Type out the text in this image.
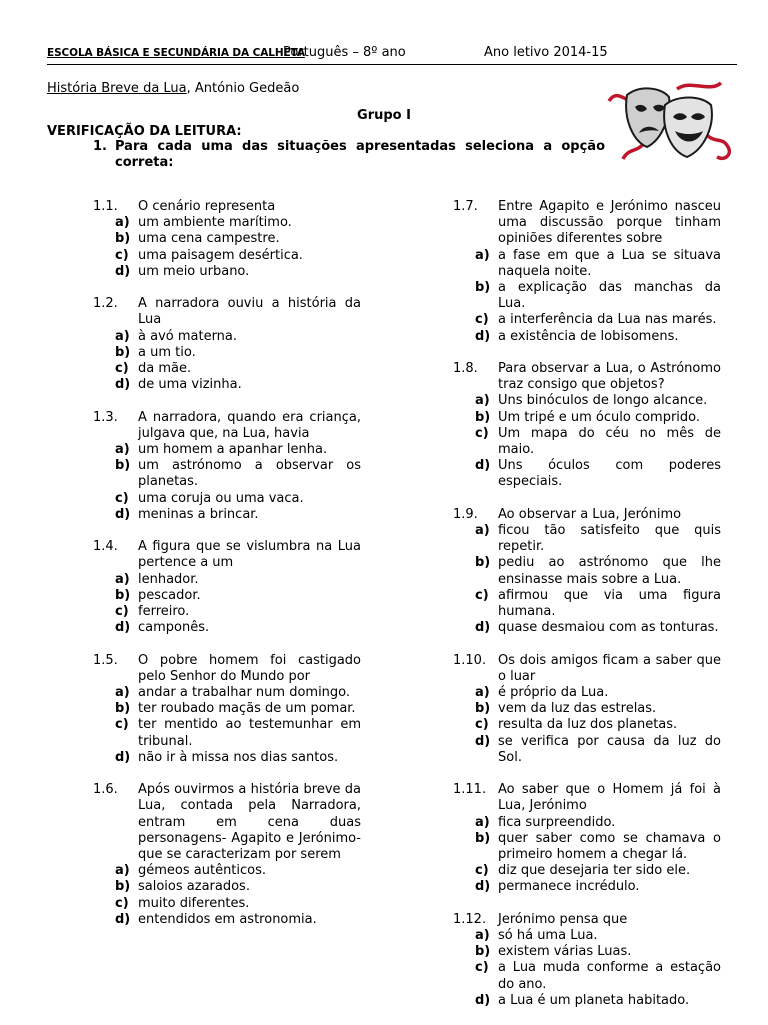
ESCOLA BÁSICA E SECUNDÁRIA DA CALHETA
Português – 8º ano	Ano letivo 2014-15
História Breve da Lua, António Gedeão
Grupo I
VERIFICAÇÃO DA LEITURA:
1. Para cada uma das situações apresentadas seleciona a opção correta:
1.1. O cenário representa
a) um ambiente marítimo.
b) uma cena campestre.
c) uma paisagem desértica.
d) um meio urbano.
1.2. A narradora ouviu a história da Lua
a) à avó materna.
b) a um tio.
c) da mãe.
d) de uma vizinha.
1.3. A narradora, quando era criança, julgava que, na Lua, havia
a) um homem a apanhar lenha.
b) um astrónomo a observar os planetas.
c) uma coruja ou uma vaca.
d) meninas a brincar.
1.4. A figura que se vislumbra na Lua pertence a um
a) lenhador.
b) pescador.
c) ferreiro.
d) camponês.
1.5. O pobre homem foi castigado pelo Senhor do Mundo por
a) andar a trabalhar num domingo.
b) ter roubado maçãs de um pomar.
c) ter mentido ao testemunhar em tribunal.
d) não ir à missa nos dias santos.
1.6. Após ouvirmos a história breve da Lua, contada pela Narradora, entram em cena duas personagens- Agapito e Jerónimo- que se caracterizam por serem
a) gémeos autênticos.
b) saloios azarados.
c) muito diferentes.
d) entendidos em astronomia.
1.7. Entre Agapito e Jerónimo nasceu uma discussão porque tinham opiniões diferentes sobre
a) a fase em que a Lua se situava naquela noite.
b) a explicação das manchas da Lua.
c) a interferência da Lua nas marés.
d) a existência de lobisomens.
1.8. Para observar a Lua, o Astrónomo traz consigo que objetos?
a) Uns binóculos de longo alcance.
b) Um tripé e um óculo comprido.
c) Um mapa do céu no mês de maio.
d) Uns óculos com poderes especiais.
1.9. Ao observar a Lua, Jerónimo
a) ficou tão satisfeito que quis repetir.
b) pediu ao astrónomo que lhe ensinasse mais sobre a Lua.
c) afirmou que via uma figura humana.
d) quase desmaiou com as tonturas.
1.10. Os dois amigos ficam a saber que o luar
a) é próprio da Lua.
b) vem da luz das estrelas.
c) resulta da luz dos planetas.
d) se verifica por causa da luz do Sol.
1.11. Ao saber que o Homem já foi à Lua, Jerónimo
a) fica surpreendido.
b) quer saber como se chamava o primeiro homem a chegar lá.
c) diz que desejaria ter sido ele.
d) permanece incrédulo.
1.12. Jerónimo pensa que
a) só há uma Lua.
b) existem várias Luas.
c) a Lua muda conforme a estação do ano.
d) a Lua é um planeta habitado.
